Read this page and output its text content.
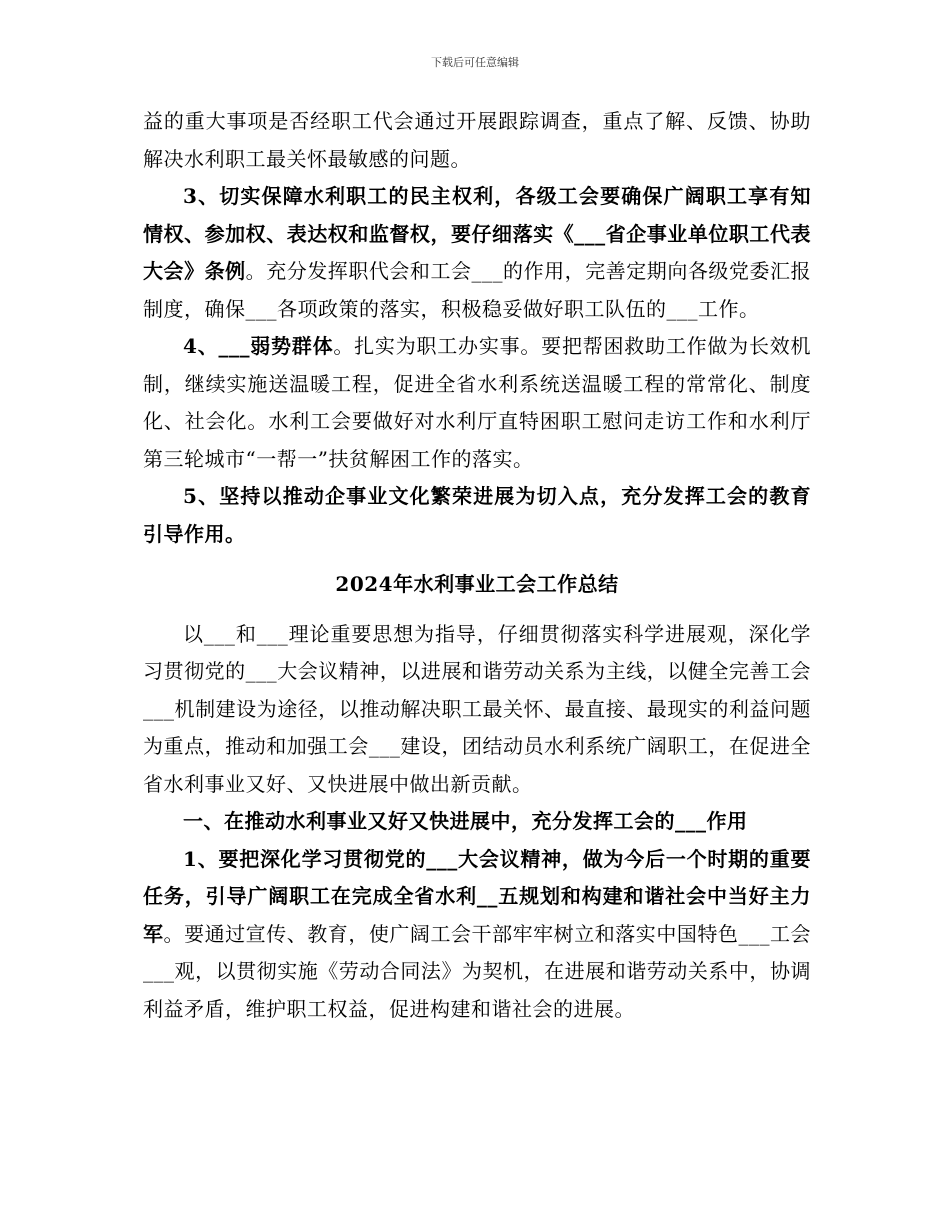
下载后可任意编辑

益的重大事项是否经职工代会通过开展跟踪调查，重点了解、反馈、协助解决水利职工最关怀最敏感的问题。

3、切实保障水利职工的民主权利，各级工会要确保广阔职工享有知情权、参加权、表达权和监督权，要仔细落实《___省企事业单位职工代表大会》条例。充分发挥职代会和工会___的作用，完善定期向各级党委汇报制度，确保___各项政策的落实，积极稳妥做好职工队伍的___工作。

4、___弱势群体。扎实为职工办实事。要把帮困救助工作做为长效机制，继续实施送温暖工程，促进全省水利系统送温暖工程的常常化、制度化、社会化。水利工会要做好对水利厅直特困职工慰问走访工作和水利厅第三轮城市“一帮一”扶贫解困工作的落实。

5、坚持以推动企事业文化繁荣进展为切入点，充分发挥工会的教育引导作用。

2024年水利事业工会工作总结

以___和___理论重要思想为指导，仔细贯彻落实科学进展观，深化学习贯彻党的___大会议精神，以进展和谐劳动关系为主线，以健全完善工会___机制建设为途径，以推动解决职工最关怀、最直接、最现实的利益问题为重点，推动和加强工会___建设，团结动员水利系统广阔职工，在促进全省水利事业又好、又快进展中做出新贡献。

一、在推动水利事业又好又快进展中，充分发挥工会的___作用

1、要把深化学习贯彻党的___大会议精神，做为今后一个时期的重要任务，引导广阔职工在完成全省水利__五规划和构建和谐社会中当好主力军。要通过宣传、教育，使广阔工会干部牢牢树立和落实中国特色___工会___观，以贯彻实施《劳动合同法》为契机，在进展和谐劳动关系中，协调利益矛盾，维护职工权益，促进构建和谐社会的进展。
